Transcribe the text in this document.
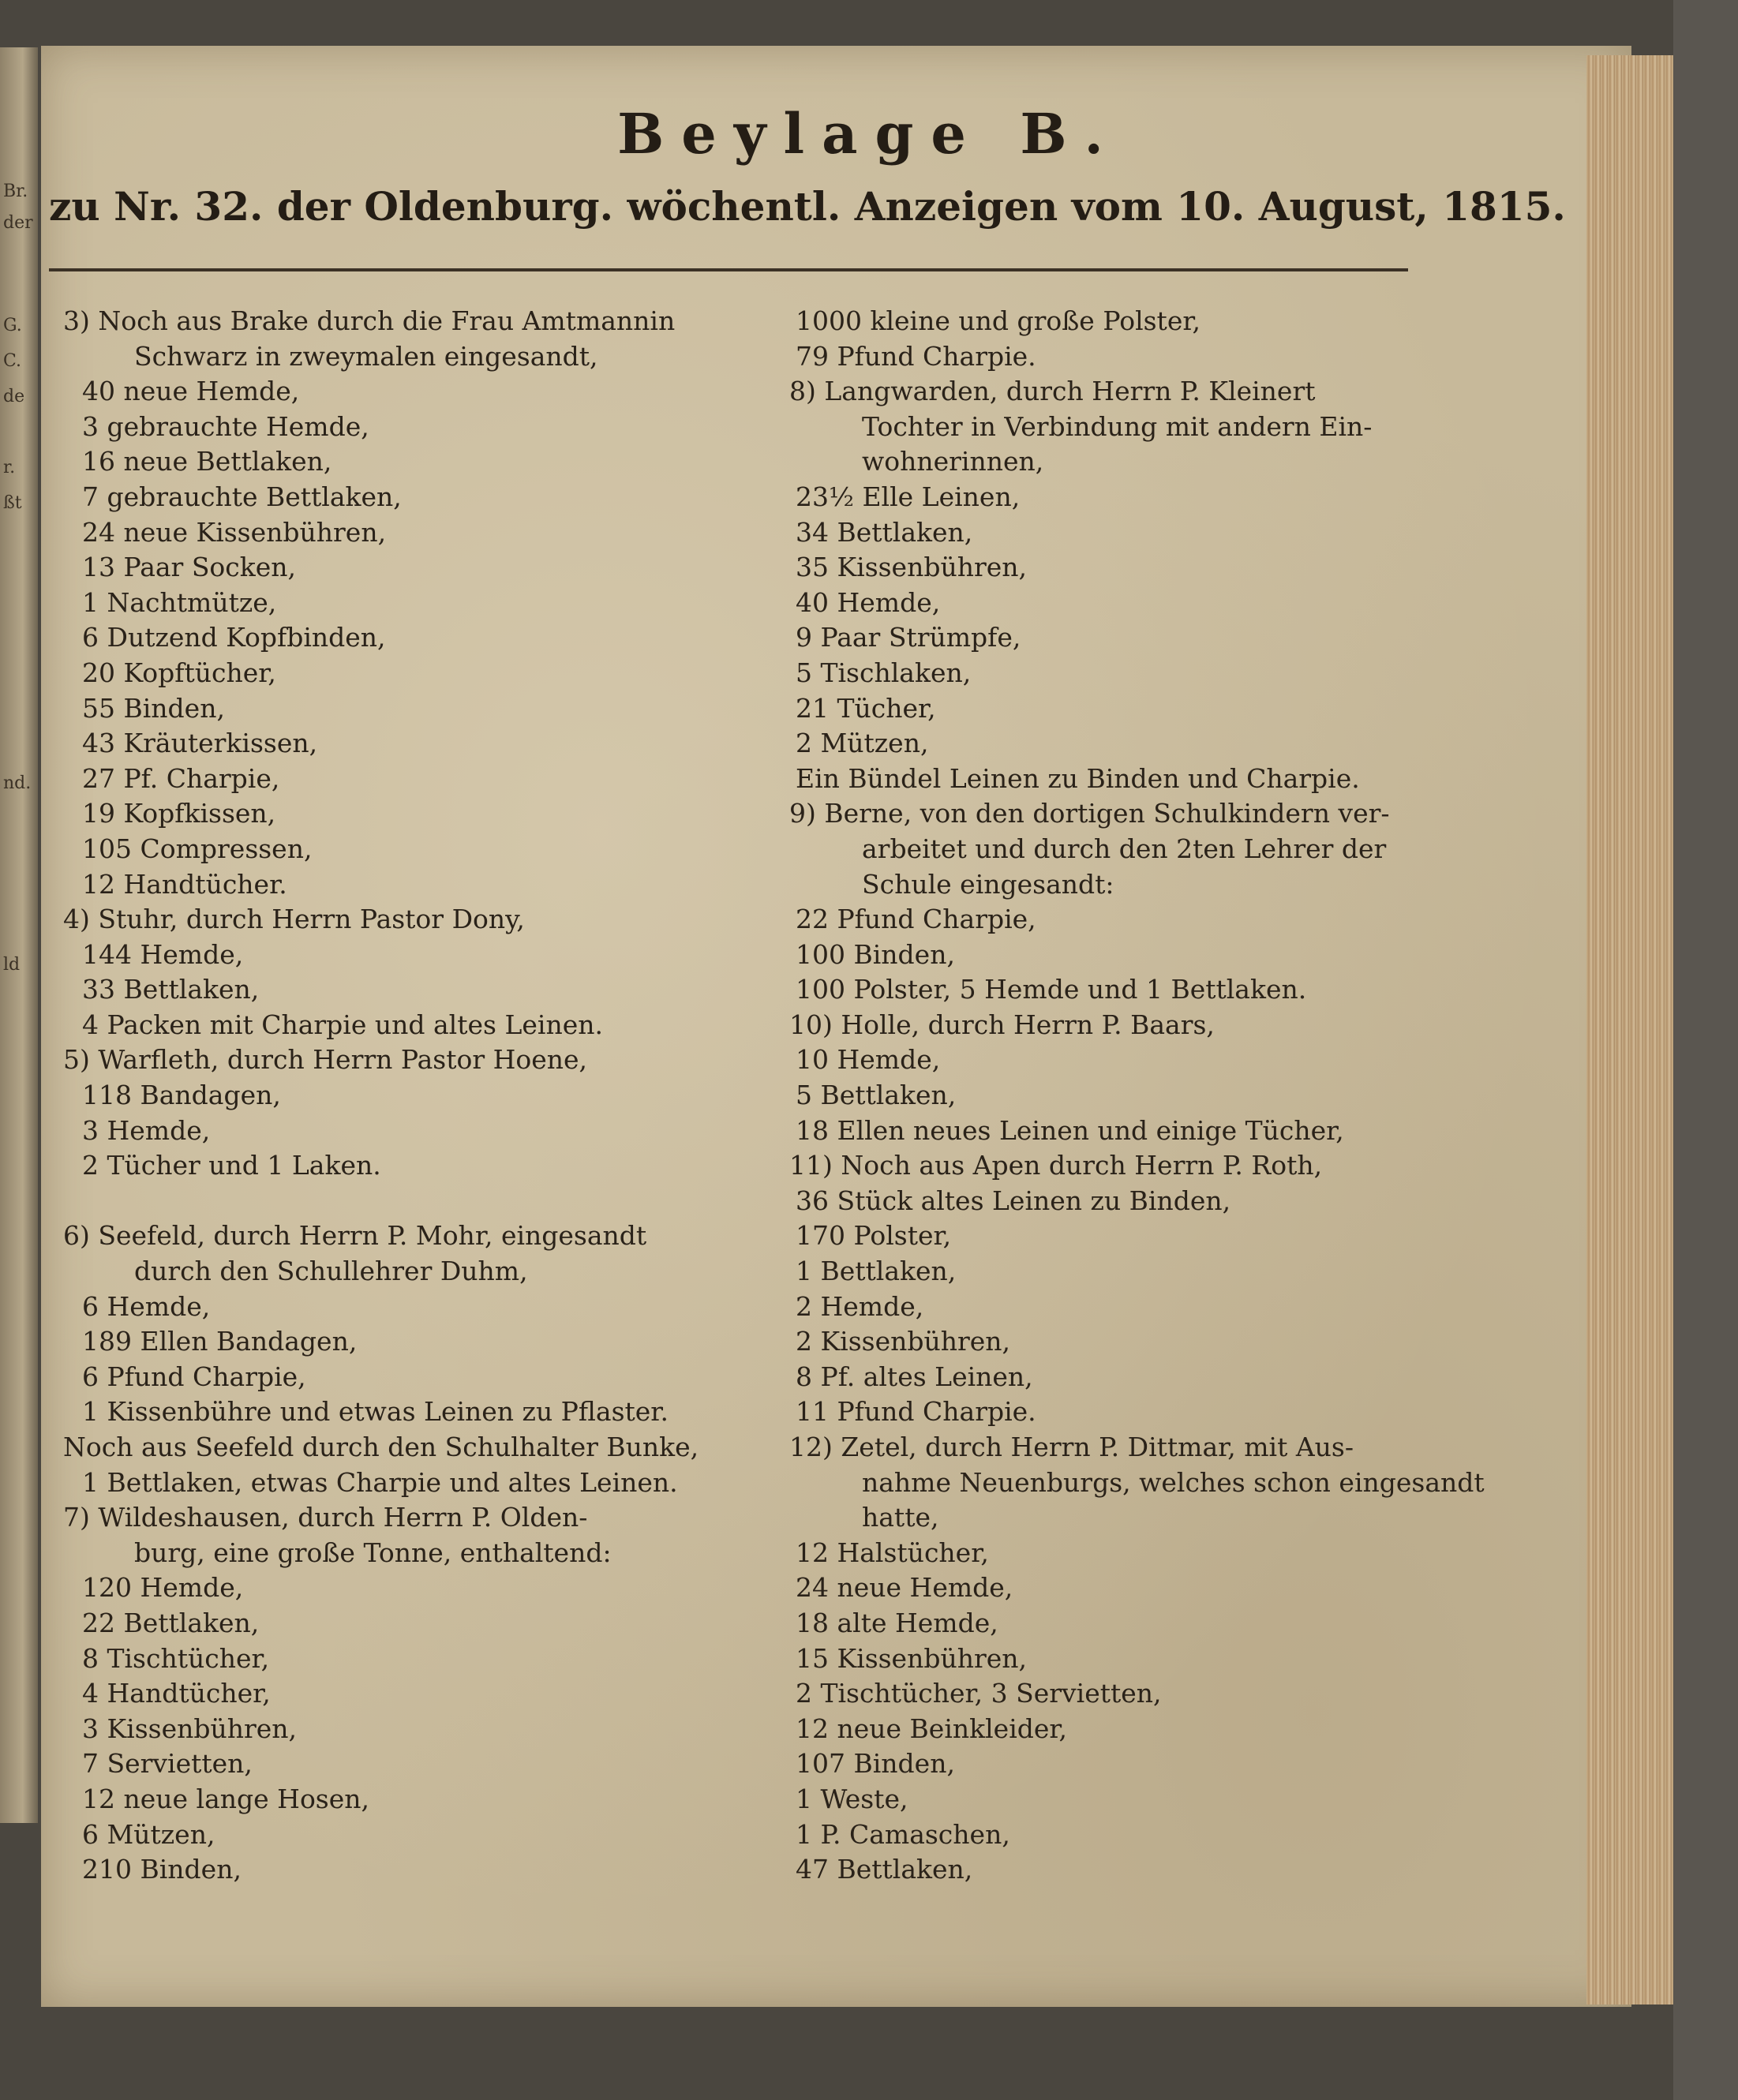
Br.
der
G.
C.
de
r.
ßt
nd.
ld
Beylage B.
zu Nr. 32. der Oldenburg. wöchentl. Anzeigen vom 10. August, 1815.
3) Noch aus Brake durch die Frau Amtmannin
Schwarz in zweymalen eingesandt,
40 neue Hemde,
3 gebrauchte Hemde,
16 neue Bettlaken,
7 gebrauchte Bettlaken,
24 neue Kissenbühren,
13 Paar Socken,
1 Nachtmütze,
6 Dutzend Kopfbinden,
20 Kopftücher,
55 Binden,
43 Kräuterkissen,
27 Pf. Charpie,
19 Kopfkissen,
105 Compressen,
12 Handtücher.
4) Stuhr, durch Herrn Pastor Dony,
144 Hemde,
33 Bettlaken,
4 Packen mit Charpie und altes Leinen.
5) Warfleth, durch Herrn Pastor Hoene,
118 Bandagen,
3 Hemde,
2 Tücher und 1 Laken.
6) Seefeld, durch Herrn P. Mohr, eingesandt
durch den Schullehrer Duhm,
6 Hemde,
189 Ellen Bandagen,
6 Pfund Charpie,
1 Kissenbühre und etwas Leinen zu Pflaster.
Noch aus Seefeld durch den Schulhalter Bunke,
1 Bettlaken, etwas Charpie und altes Leinen.
7) Wildeshausen, durch Herrn P. Olden-
burg, eine große Tonne, enthaltend:
120 Hemde,
22 Bettlaken,
8 Tischtücher,
4 Handtücher,
3 Kissenbühren,
7 Servietten,
12 neue lange Hosen,
6 Mützen,
210 Binden,
1000 kleine und große Polster,
79 Pfund Charpie.
8) Langwarden, durch Herrn P. Kleinert
Tochter in Verbindung mit andern Ein-
wohnerinnen,
23½ Elle Leinen,
34 Bettlaken,
35 Kissenbühren,
40 Hemde,
9 Paar Strümpfe,
5 Tischlaken,
21 Tücher,
2 Mützen,
Ein Bündel Leinen zu Binden und Charpie.
9) Berne, von den dortigen Schulkindern ver-
arbeitet und durch den 2ten Lehrer der
Schule eingesandt:
22 Pfund Charpie,
100 Binden,
100 Polster, 5 Hemde und 1 Bettlaken.
10) Holle, durch Herrn P. Baars,
10 Hemde,
5 Bettlaken,
18 Ellen neues Leinen und einige Tücher,
11) Noch aus Apen durch Herrn P. Roth,
36 Stück altes Leinen zu Binden,
170 Polster,
1 Bettlaken,
2 Hemde,
2 Kissenbühren,
8 Pf. altes Leinen,
11 Pfund Charpie.
12) Zetel, durch Herrn P. Dittmar, mit Aus-
nahme Neuenburgs, welches schon eingesandt
hatte,
12 Halstücher,
24 neue Hemde,
18 alte Hemde,
15 Kissenbühren,
2 Tischtücher, 3 Servietten,
12 neue Beinkleider,
107 Binden,
1 Weste,
1 P. Camaschen,
47 Bettlaken,
